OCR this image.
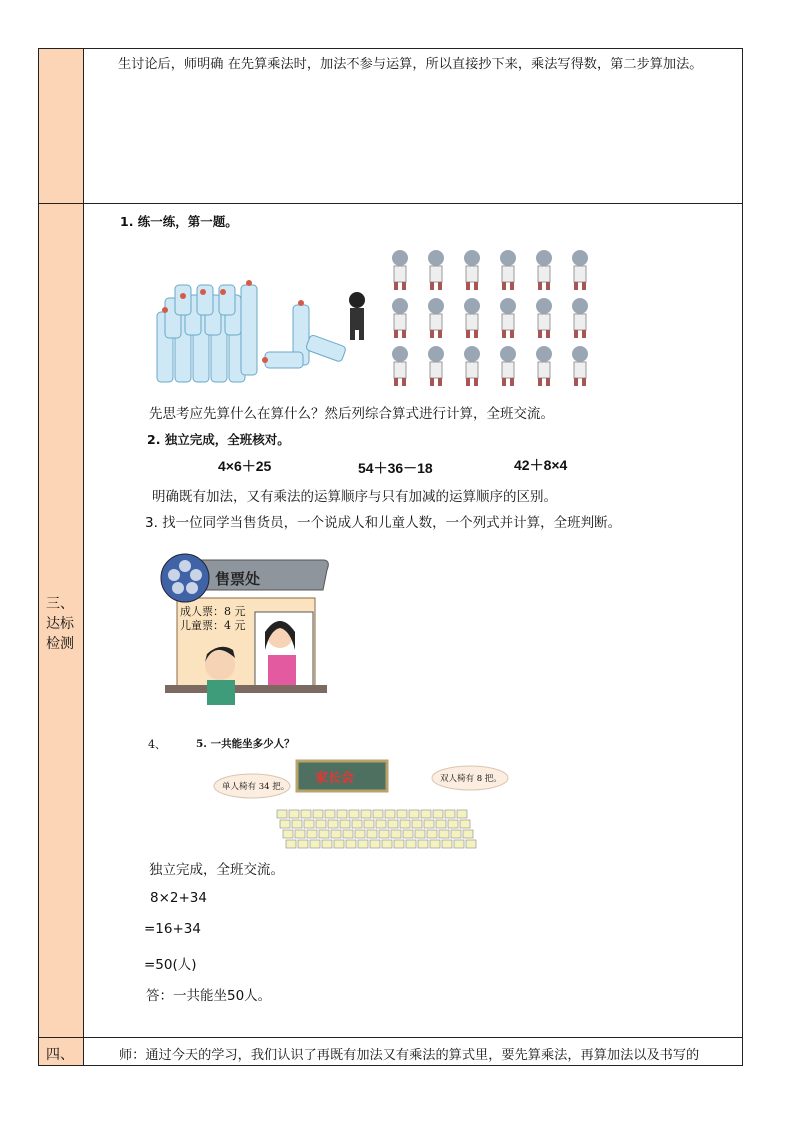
生讨论后，师明确 在先算乘法时，加法不参与运算，所以直接抄下来，乘法写得数，第二步算加法。
三、
达标
检测
1. 练一练，第一题。
先思考应先算什么在算什么？然后列综合算式进行计算，全班交流。
2. 独立完成，全班核对。
4×6＋25	54＋36－18	42＋8×4
明确既有加法，又有乘法的运算顺序与只有加减的运算顺序的区别。
3. 找一位同学当售货员，一个说成人和儿童人数，一个列式并计算，全班判断。
售票处
成人票：8 元
儿童票：4 元
4、	5. 一共能坐多少人？
家长会
单人椅有 34 把。
双人椅有 8 把。
独立完成，全班交流。
8×2+34
=16+34
=50(人)
答：一共能坐50人。
四、	师：通过今天的学习，我们认识了再既有加法又有乘法的算式里，要先算乘法，再算加法以及书写的
